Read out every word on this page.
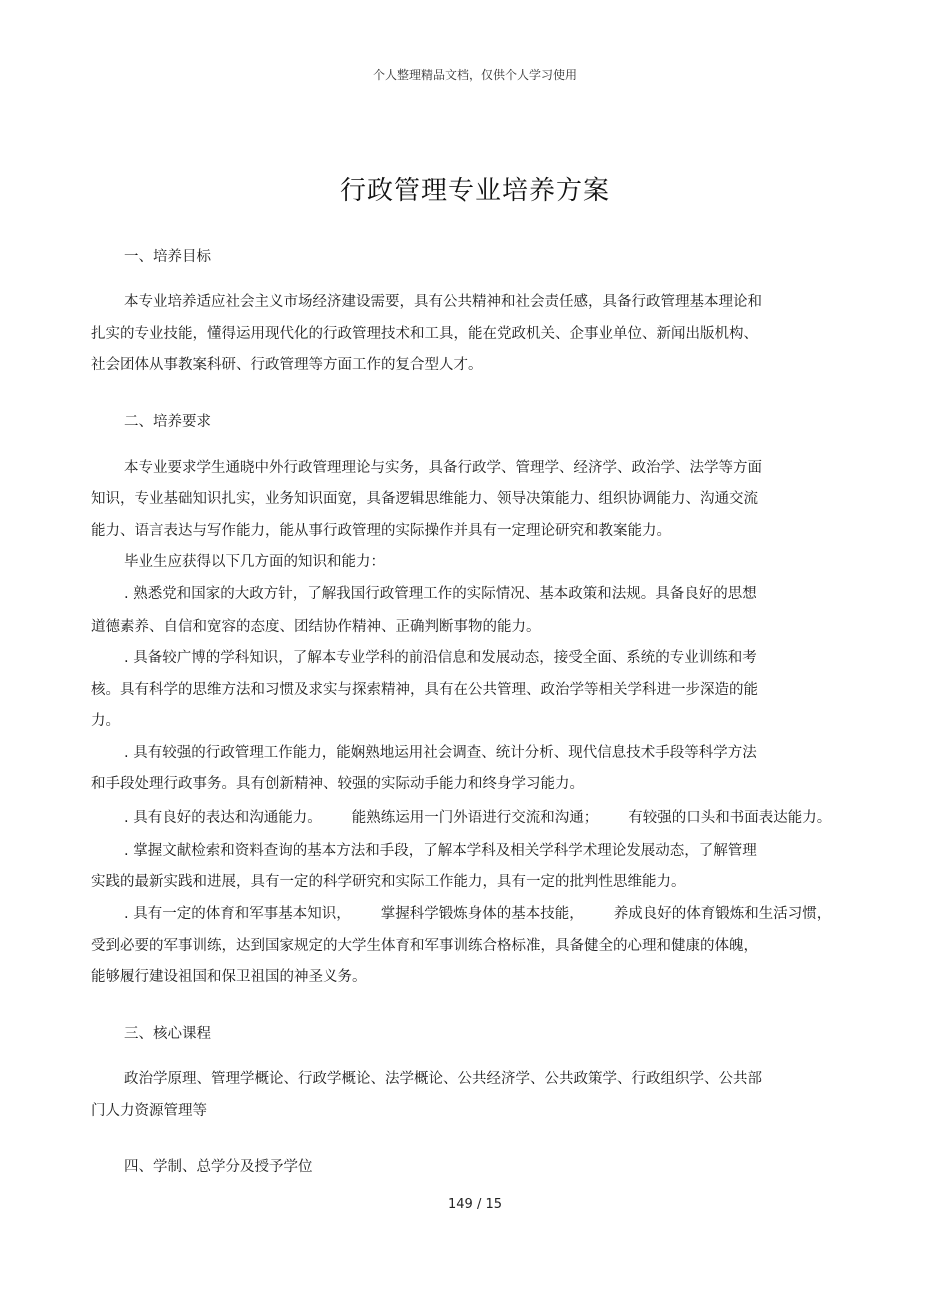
个人整理精品文档，仅供个人学习使用
行政管理专业培养方案
一、培养目标
本专业培养适应社会主义市场经济建设需要，具有公共精神和社会责任感，具备行政管理基本理论和
扎实的专业技能，懂得运用现代化的行政管理技术和工具，能在党政机关、企事业单位、新闻出版机构、
社会团体从事教案科研、行政管理等方面工作的复合型人才。
二、培养要求
本专业要求学生通晓中外行政管理理论与实务，具备行政学、管理学、经济学、政治学、法学等方面
知识，专业基础知识扎实，业务知识面宽，具备逻辑思维能力、领导决策能力、组织协调能力、沟通交流
能力、语言表达与写作能力，能从事行政管理的实际操作并具有一定理论研究和教案能力。
毕业生应获得以下几方面的知识和能力：
. 熟悉党和国家的大政方针，了解我国行政管理工作的实际情况、基本政策和法规。具备良好的思想
道德素养、自信和宽容的态度、团结协作精神、正确判断事物的能力。
. 具备较广博的学科知识，了解本专业学科的前沿信息和发展动态，接受全面、系统的专业训练和考
核。具有科学的思维方法和习惯及求实与探索精神，具有在公共管理、政治学等相关学科进一步深造的能
力。
. 具有较强的行政管理工作能力，能娴熟地运用社会调查、统计分析、现代信息技术手段等科学方法
和手段处理行政事务。具有创新精神、较强的实际动手能力和终身学习能力。
. 具有良好的表达和沟通能力。 能熟练运用一门外语进行交流和沟通； 有较强的口头和书面表达能力。
. 掌握文献检索和资料查询的基本方法和手段，了解本学科及相关学科学术理论发展动态，了解管理
实践的最新实践和进展，具有一定的科学研究和实际工作能力，具有一定的批判性思维能力。
. 具有一定的体育和军事基本知识， 掌握科学锻炼身体的基本技能， 养成良好的体育锻炼和生活习惯，
受到必要的军事训练，达到国家规定的大学生体育和军事训练合格标准，具备健全的心理和健康的体魄，
能够履行建设祖国和保卫祖国的神圣义务。
三、核心课程
政治学原理、管理学概论、行政学概论、法学概论、公共经济学、公共政策学、行政组织学、公共部
门人力资源管理等
四、学制、总学分及授予学位
149 / 15
